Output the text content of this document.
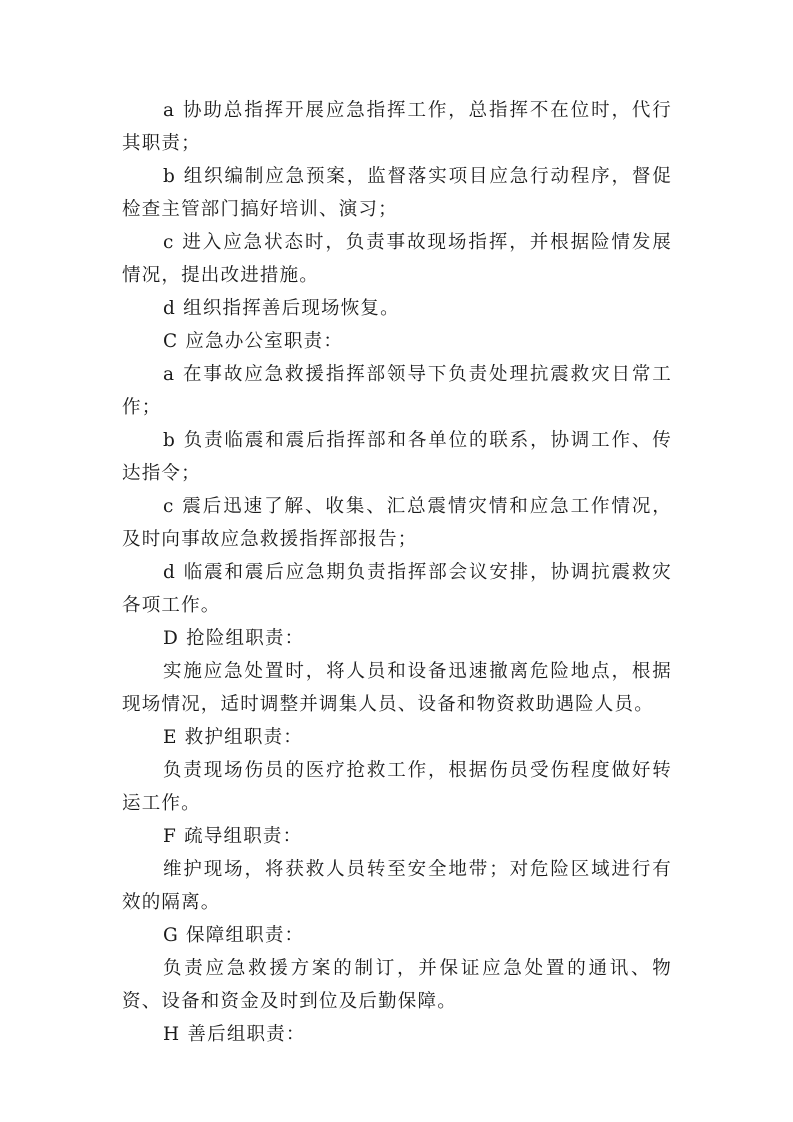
a 协助总指挥开展应急指挥工作，总指挥不在位时，代行其职责；

b 组织编制应急预案，监督落实项目应急行动程序，督促检查主管部门搞好培训、演习；

c 进入应急状态时，负责事故现场指挥，并根据险情发展情况，提出改进措施。

d 组织指挥善后现场恢复。

C 应急办公室职责：

a 在事故应急救援指挥部领导下负责处理抗震救灾日常工作；

b 负责临震和震后指挥部和各单位的联系，协调工作、传达指令；

c 震后迅速了解、收集、汇总震情灾情和应急工作情况，及时向事故应急救援指挥部报告；

d 临震和震后应急期负责指挥部会议安排，协调抗震救灾各项工作。

D 抢险组职责：

实施应急处置时，将人员和设备迅速撤离危险地点，根据现场情况，适时调整并调集人员、设备和物资救助遇险人员。

E 救护组职责：

负责现场伤员的医疗抢救工作，根据伤员受伤程度做好转运工作。

F 疏导组职责：

维护现场，将获救人员转至安全地带；对危险区域进行有效的隔离。

G 保障组职责：

负责应急救援方案的制订，并保证应急处置的通讯、物资、设备和资金及时到位及后勤保障。

H 善后组职责：
